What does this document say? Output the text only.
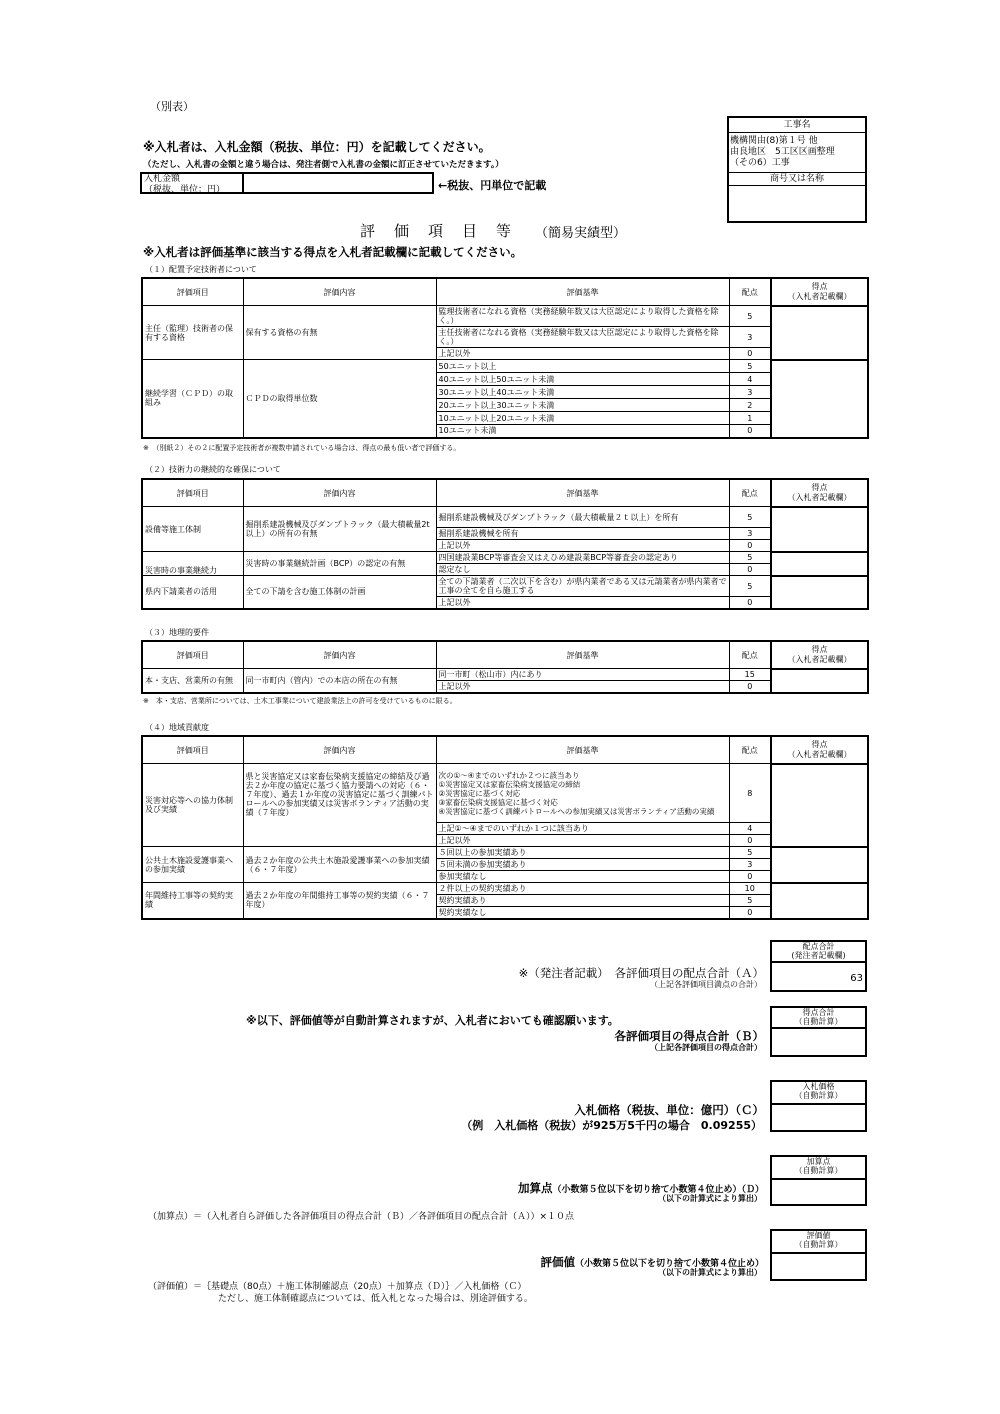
（別表）
※入札者は、入札金額（税抜、単位：円）を記載してください。
（ただし、入札書の金額と違う場合は、発注者側で入札書の金額に訂正させていただきます。）
入札金額
（税抜、単位：円）	←税抜、円単位で記載
工事名
機構関由(8)第１号 他
由良地区　5工区区画整理
（その6）工事
商号又は名称
評　価　項　目　等 （簡易実績型）
※入札者は評価基準に該当する得点を入札者記載欄に記載してください。
（１）配置予定技術者について
評価項目	評価内容	評価基準	配点	得点
（入札者記載欄）

主任（監理）技術者の保有する資格	保有する資格の有無	監理技術者になれる資格（実務経験年数又は大臣認定により取得した資格を除く。）	5	
		主任技術者になれる資格（実務経験年数又は大臣認定により取得した資格を除く。）	3	
		上記以外	0	
継続学習（ＣＰＤ）の取組み	ＣＰＤの取得単位数	50ユニット以上	5	
		40ユニット以上50ユニット未満	4	
		30ユニット以上40ユニット未満	3	
		20ユニット以上30ユニット未満	2	
		10ユニット以上20ユニット未満	1	
		10ユニット未満	0	
※　（別紙２）その２に配置予定技術者が複数申請されている場合は、得点の最も低い者で評価する。
（２）技術力の継続的な確保について
評価項目	評価内容	評価基準	配点	得点
（入札者記載欄）

設備等施工体制	掘削系建設機械及びダンプトラック（最大積載量2t以上）の所有の有無	掘削系建設機械及びダンプトラック（最大積載量２ｔ以上）を所有	5	
		掘削系建設機械を所有	3	
		上記以外	0	
災害時の事業継続力	災害時の事業継続計画（BCP）の認定の有無	四国建設業BCP等審査会又はえひめ建設業BCP等審査会の認定あり	5	
		認定なし	0	
県内下請業者の活用	全ての下請を含む施工体制の計画	全ての下請業者（二次以下を含む）が県内業者である又は元請業者が県内業者で工事の全てを自ら施工する	5	
		上記以外	0	
（３）地理的要件
評価項目	評価内容	評価基準	配点	得点
（入札者記載欄）

本・支店、営業所の有無	同一市町内（管内）での本店の所在の有無	同一市町（松山市）内にあり	15	
		上記以外	0	
※　本・支店、営業所については、土木工事業について建設業法上の許可を受けているものに限る。
（４）地域貢献度
評価項目	評価内容	評価基準	配点	得点
（入札者記載欄）

災害対応等への協力体制及び実績	県と災害協定又は家畜伝染病支援協定の締結及び過去２か年度の協定に基づく協力要請への対応（６・７年度）、過去１か年度の災害協定に基づく訓練パトロールへの参加実績又は災害ボランティア活動の実績（７年度）	次の①～④までのいずれか２つに該当あり
①災害協定又は家畜伝染病支援協定の締結
②災害協定に基づく対応
③家畜伝染病支援協定に基づく対応
④災害協定に基づく訓練パトロールへの参加実績又は災害ボランティア活動の実績	8	
		上記①～④までのいずれか１つに該当あり	4	
		上記以外	0	
公共土木施設愛護事業への参加実績	過去２か年度の公共土木施設愛護事業への参加実績（６・７年度）	５回以上の参加実績あり	5	
		５回未満の参加実績あり	3	
		参加実績なし	0	
年間維持工事等の契約実績	過去２か年度の年間維持工事等の契約実績（６・７年度）	２件以上の契約実績あり	10	
		契約実績あり	5	
		契約実績なし	0	
配点合計
(発注者記載欄)
63
※（発注者記載）　各評価項目の配点合計（Ａ）
（上記各評価項目満点の合計）
※以下、評価値等が自動計算されますが、入札者においても確認願います。
得点合計
（自動計算）
各評価項目の得点合計（Ｂ）
（上記各評価項目の得点合計）
入札価格
（自動計算）
入札価格（税抜、単位：億円）（Ｃ）
（例　入札価格（税抜）が925万5千円の場合　0.09255）
加算点
（自動計算）
加算点（小数第５位以下を切り捨て小数第４位止め）（Ｄ）
（以下の計算式により算出）
（加算点）＝（入札者自ら評価した各評価項目の得点合計（Ｂ）／各評価項目の配点合計（Ａ））×１０点
評価値
（自動計算）
評価値（小数第５位以下を切り捨て小数第４位止め）
（以下の計算式により算出）
（評価値）＝｛基礎点（80点）＋施工体制確認点（20点）＋加算点（Ｄ）｝／入札価格（Ｃ）
ただし、施工体制確認点については、低入札となった場合は、別途評価する。
